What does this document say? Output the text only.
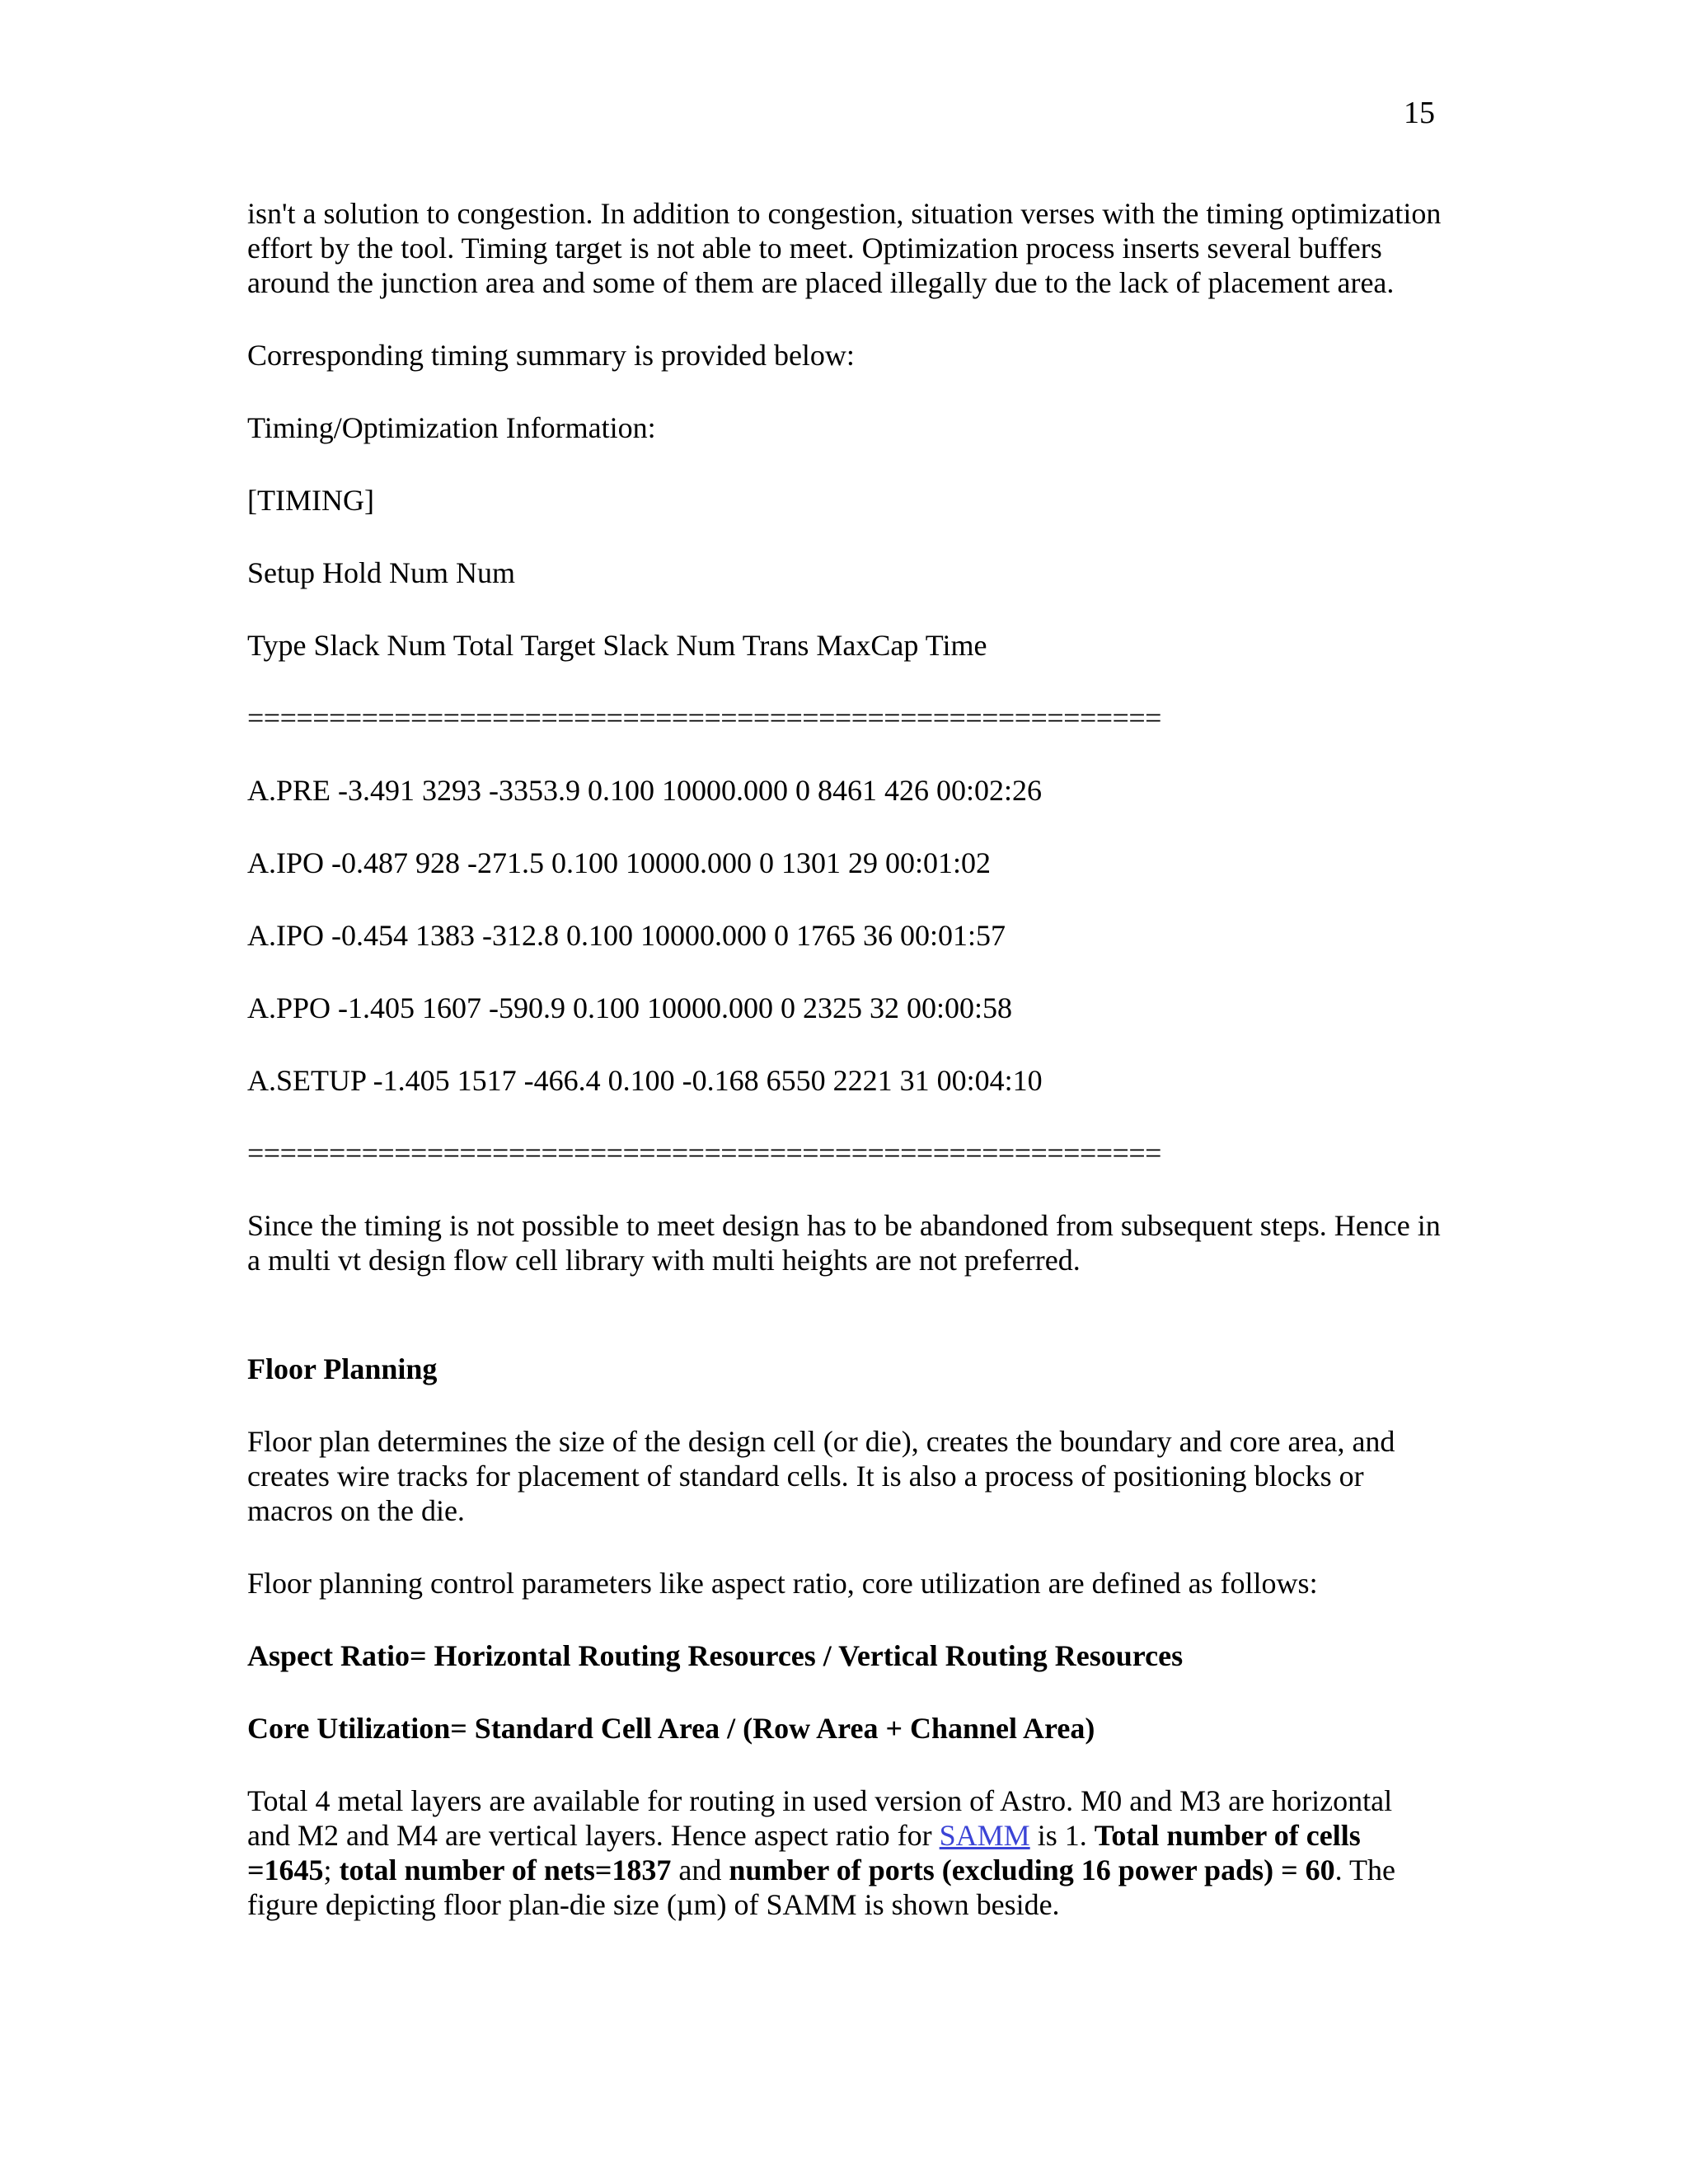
15

isn't a solution to congestion. In addition to congestion, situation verses with the timing optimization effort by the tool. Timing target is not able to meet. Optimization process inserts several buffers around the junction area and some of them are placed illegally due to the lack of placement area.

Corresponding timing summary is provided below:

Timing/Optimization Information:

[TIMING]

Setup Hold Num Num

Type Slack Num Total Target Slack Num Trans MaxCap Time

========================================================

A.PRE -3.491 3293 -3353.9 0.100 10000.000 0 8461 426 00:02:26

A.IPO -0.487 928 -271.5 0.100 10000.000 0 1301 29 00:01:02

A.IPO -0.454 1383 -312.8 0.100 10000.000 0 1765 36 00:01:57

A.PPO -1.405 1607 -590.9 0.100 10000.000 0 2325 32 00:00:58

A.SETUP -1.405 1517 -466.4 0.100 -0.168 6550 2221 31 00:04:10

========================================================

Since the timing is not possible to meet design has to be abandoned from subsequent steps. Hence in a multi vt design flow cell library with multi heights are not preferred.

Floor Planning

Floor plan determines the size of the design cell (or die), creates the boundary and core area, and creates wire tracks for placement of standard cells. It is also a process of positioning blocks or macros on the die.

Floor planning control parameters like aspect ratio, core utilization are defined as follows:

Aspect Ratio= Horizontal Routing Resources / Vertical Routing Resources

Core Utilization= Standard Cell Area / (Row Area + Channel Area)

Total 4 metal layers are available for routing in used version of Astro. M0 and M3 are horizontal and M2 and M4 are vertical layers. Hence aspect ratio for SAMM is 1. Total number of cells =1645; total number of nets=1837 and number of ports (excluding 16 power pads) = 60. The figure depicting floor plan-die size (µm) of SAMM is shown beside.
